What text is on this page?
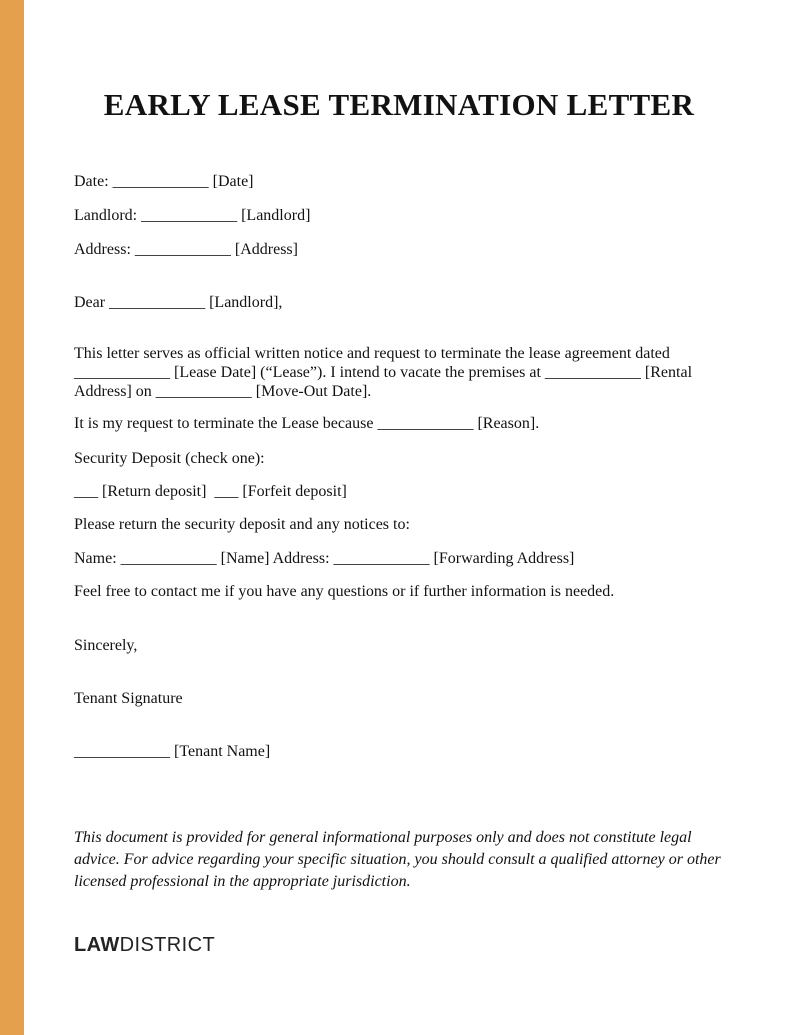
EARLY LEASE TERMINATION LETTER

Date: ____________ [Date]

Landlord: ____________ [Landlord]

Address: ____________ [Address]

Dear ____________ [Landlord],

This letter serves as official written notice and request to terminate the lease agreement dated ____________ [Lease Date] (“Lease”). I intend to vacate the premises at ____________ [Rental Address] on ____________ [Move-Out Date].

It is my request to terminate the Lease because ____________ [Reason].

Security Deposit (check one):

___ [Return deposit]  ___ [Forfeit deposit]

Please return the security deposit and any notices to:

Name: ____________ [Name] Address: ____________ [Forwarding Address]

Feel free to contact me if you have any questions or if further information is needed.

Sincerely,

Tenant Signature

____________ [Tenant Name]

This document is provided for general informational purposes only and does not constitute legal advice. For advice regarding your specific situation, you should consult a qualified attorney or other licensed professional in the appropriate jurisdiction.

LAWDISTRICT
